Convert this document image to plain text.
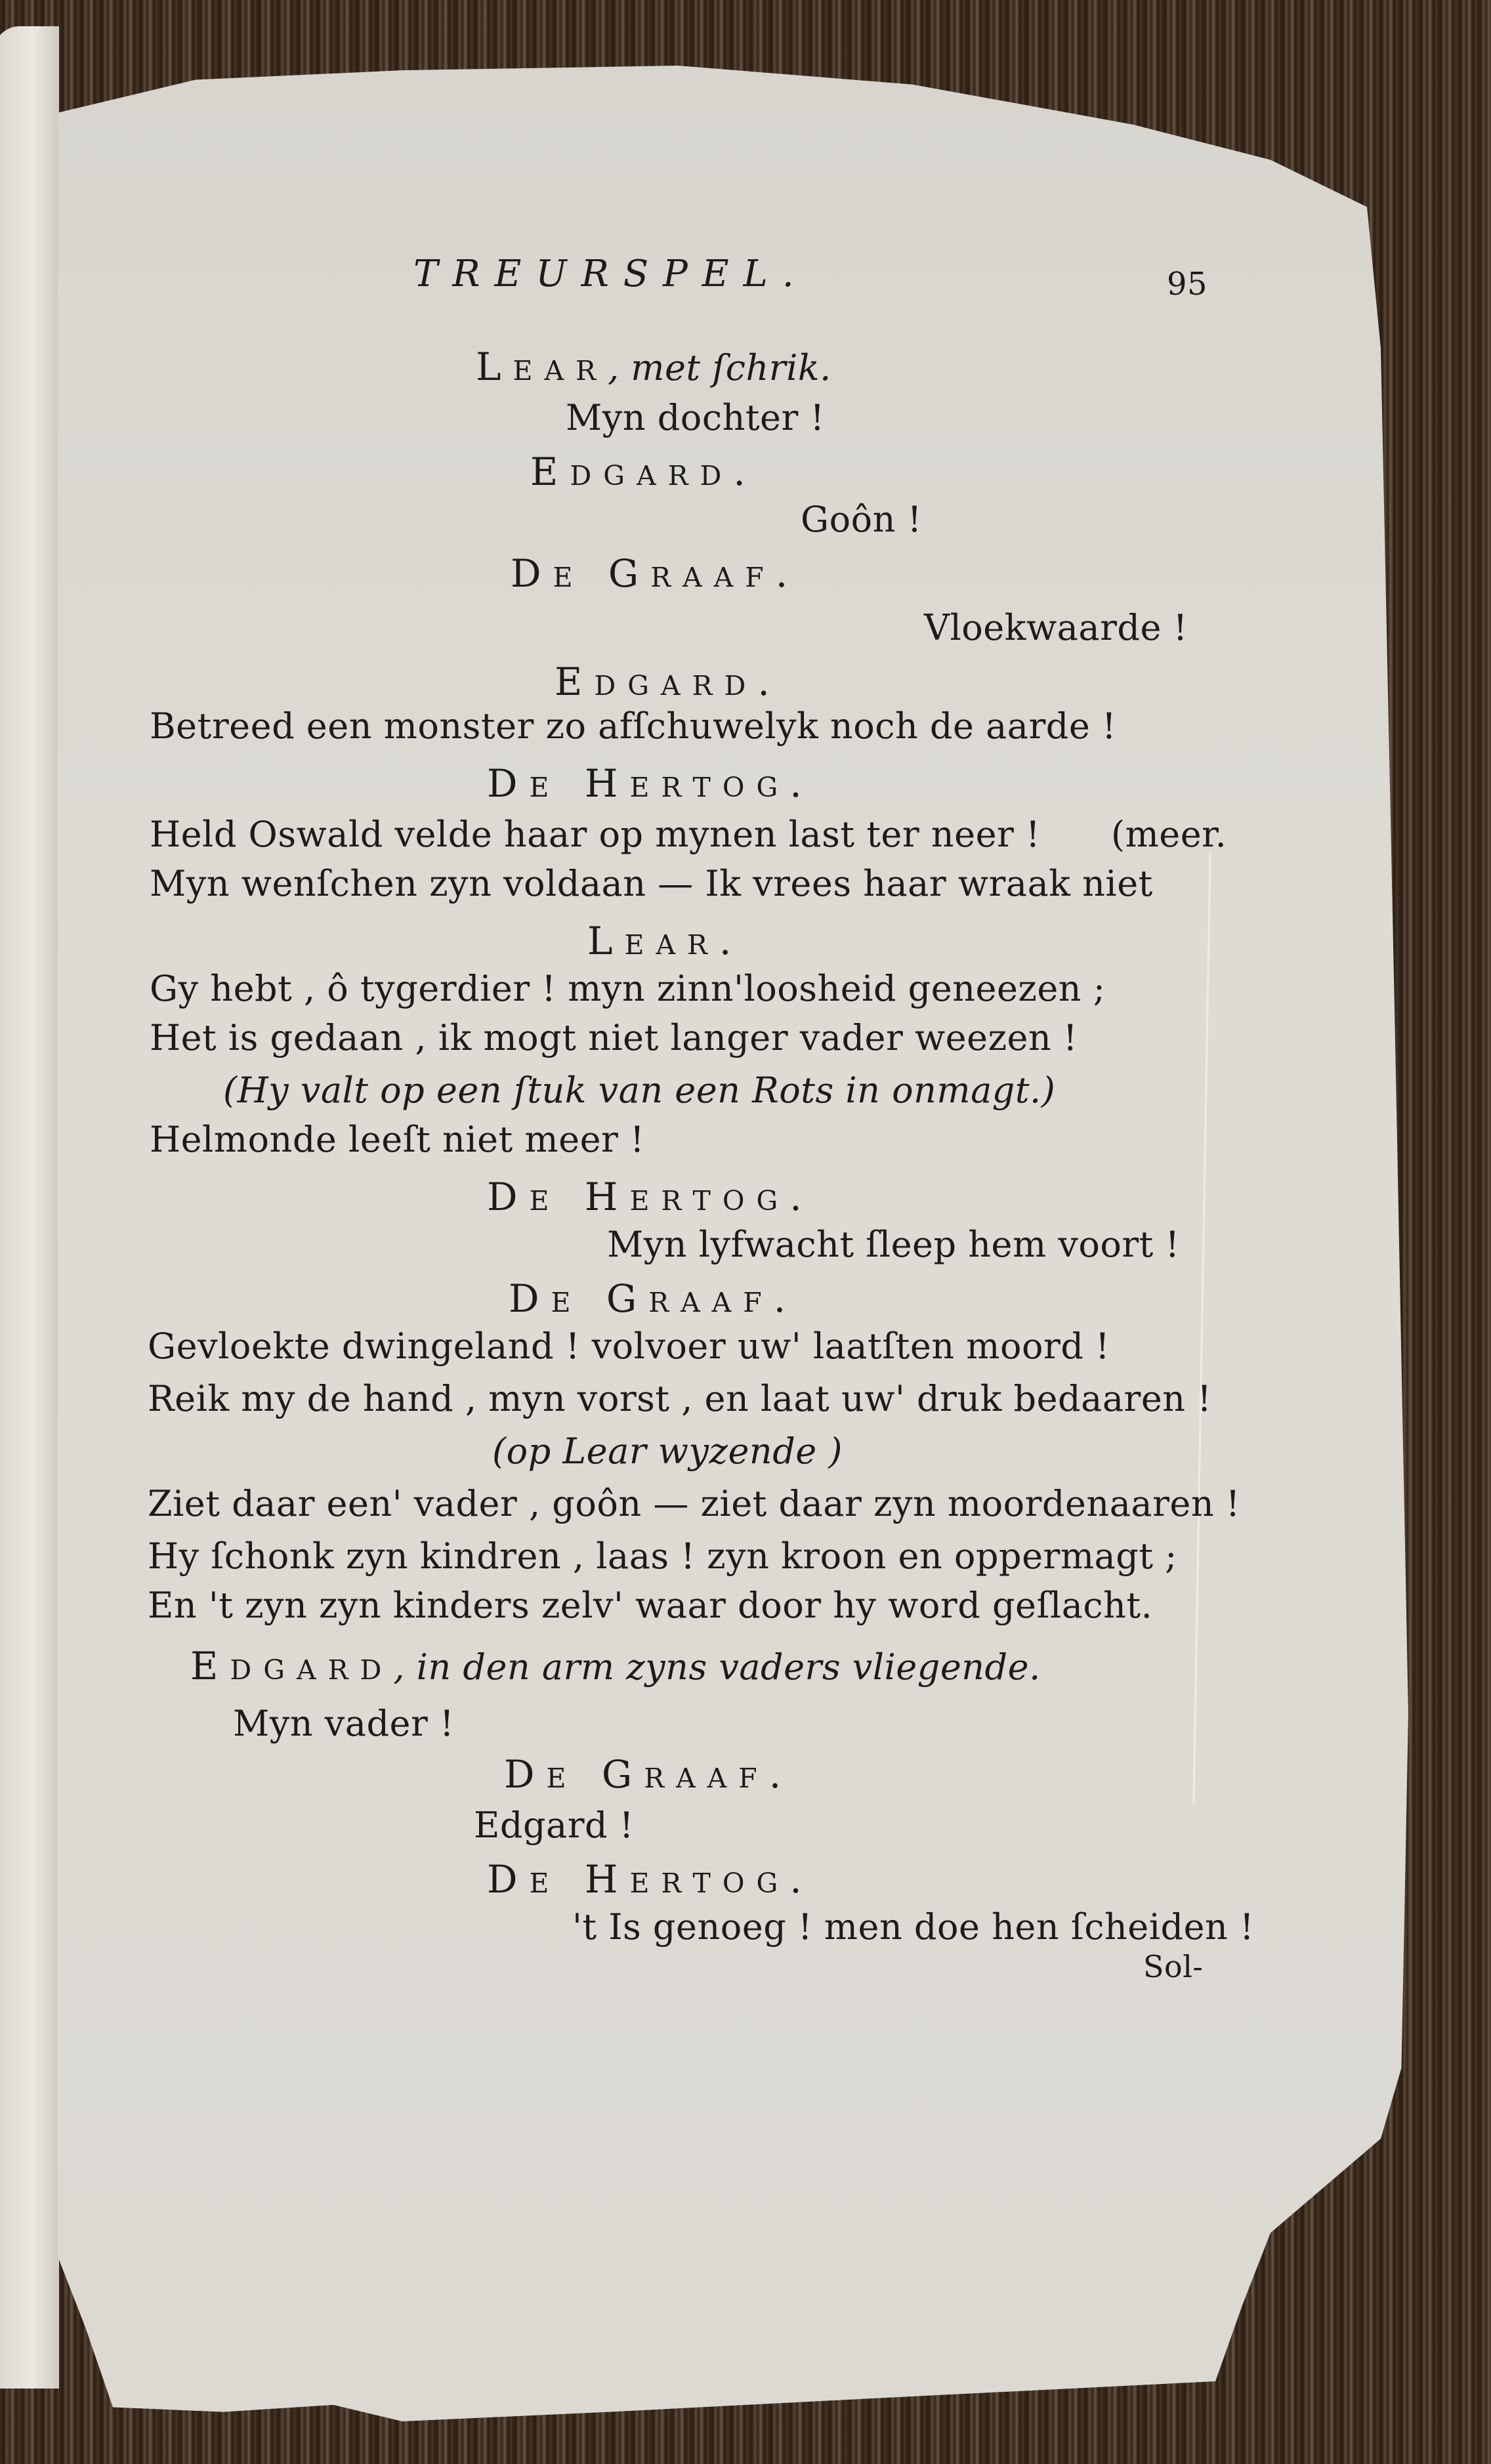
TREURSPEL.	95
Lear, met ſchrik.
Myn dochter !
Edgard.
Goôn !
De Graaf.
Vloekwaarde !
Edgard.
Betreed een monster zo afſchuwelyk noch de aarde !
De Hertog.
Held Oswald velde haar op mynen last ter neer ! (meer.
Myn wenſchen zyn voldaan — Ik vrees haar wraak niet
Lear.
Gy hebt , ô tygerdier ! myn zinn'loosheid geneezen ;
Het is gedaan , ik mogt niet langer vader weezen !
(Hy valt op een ſtuk van een Rots in onmagt.)
Helmonde leeſt niet meer !
De Hertog.
Myn lyfwacht ſleep hem voort !
De Graaf.
Gevloekte dwingeland ! volvoer uw' laatſten moord !
Reik my de hand , myn vorst , en laat uw' druk bedaaren !
(op Lear wyzende )
Ziet daar een' vader , goôn — ziet daar zyn moordenaaren !
Hy ſchonk zyn kindren , laas ! zyn kroon en oppermagt ;
En 't zyn zyn kinders zelv' waar door hy word geſlacht.
Edgard, in den arm zyns vaders vliegende.
Myn vader !
De Graaf.
Edgard !
De Hertog.
't Is genoeg ! men doe hen ſcheiden !
Sol-
